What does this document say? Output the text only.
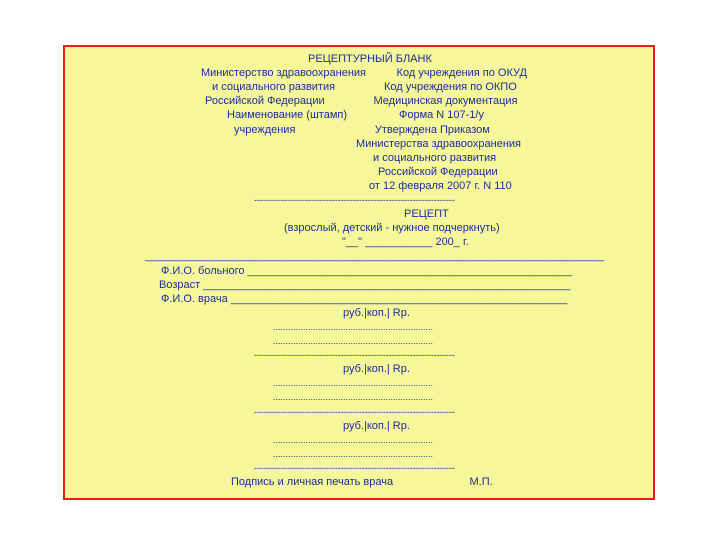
РЕЦЕПТУРНЫЙ БЛАНК

Министерство здравоохранения          Код учреждения по ОКУД

и социального развития                Код учреждения по ОКПО

Российской Федерации                Медицинская документация

Наименование (штамп)                 Форма N 107-1/у

учреждения                          Утверждена Приказом

Министерства здравоохранения

и социального развития

Российской Федерации

от 12 февраля 2007 г. N 110

-------------------------------------------------------------------

РЕЦЕПТ

(взрослый, детский - нужное подчеркнуть)

"__" ___________ 200_ г.

___________________________________________________________________________

Ф.И.О. больного _____________________________________________________

Возраст ____________________________________________________________

Ф.И.О. врача _______________________________________________________

руб.|коп.| Rp.

................................................................

................................................................

-------------------------------------------------------------------

руб.|коп.| Rp.

................................................................

................................................................

-------------------------------------------------------------------

руб.|коп.| Rp.

................................................................

................................................................

-------------------------------------------------------------------

Подпись и личная печать врача                         М.П.
